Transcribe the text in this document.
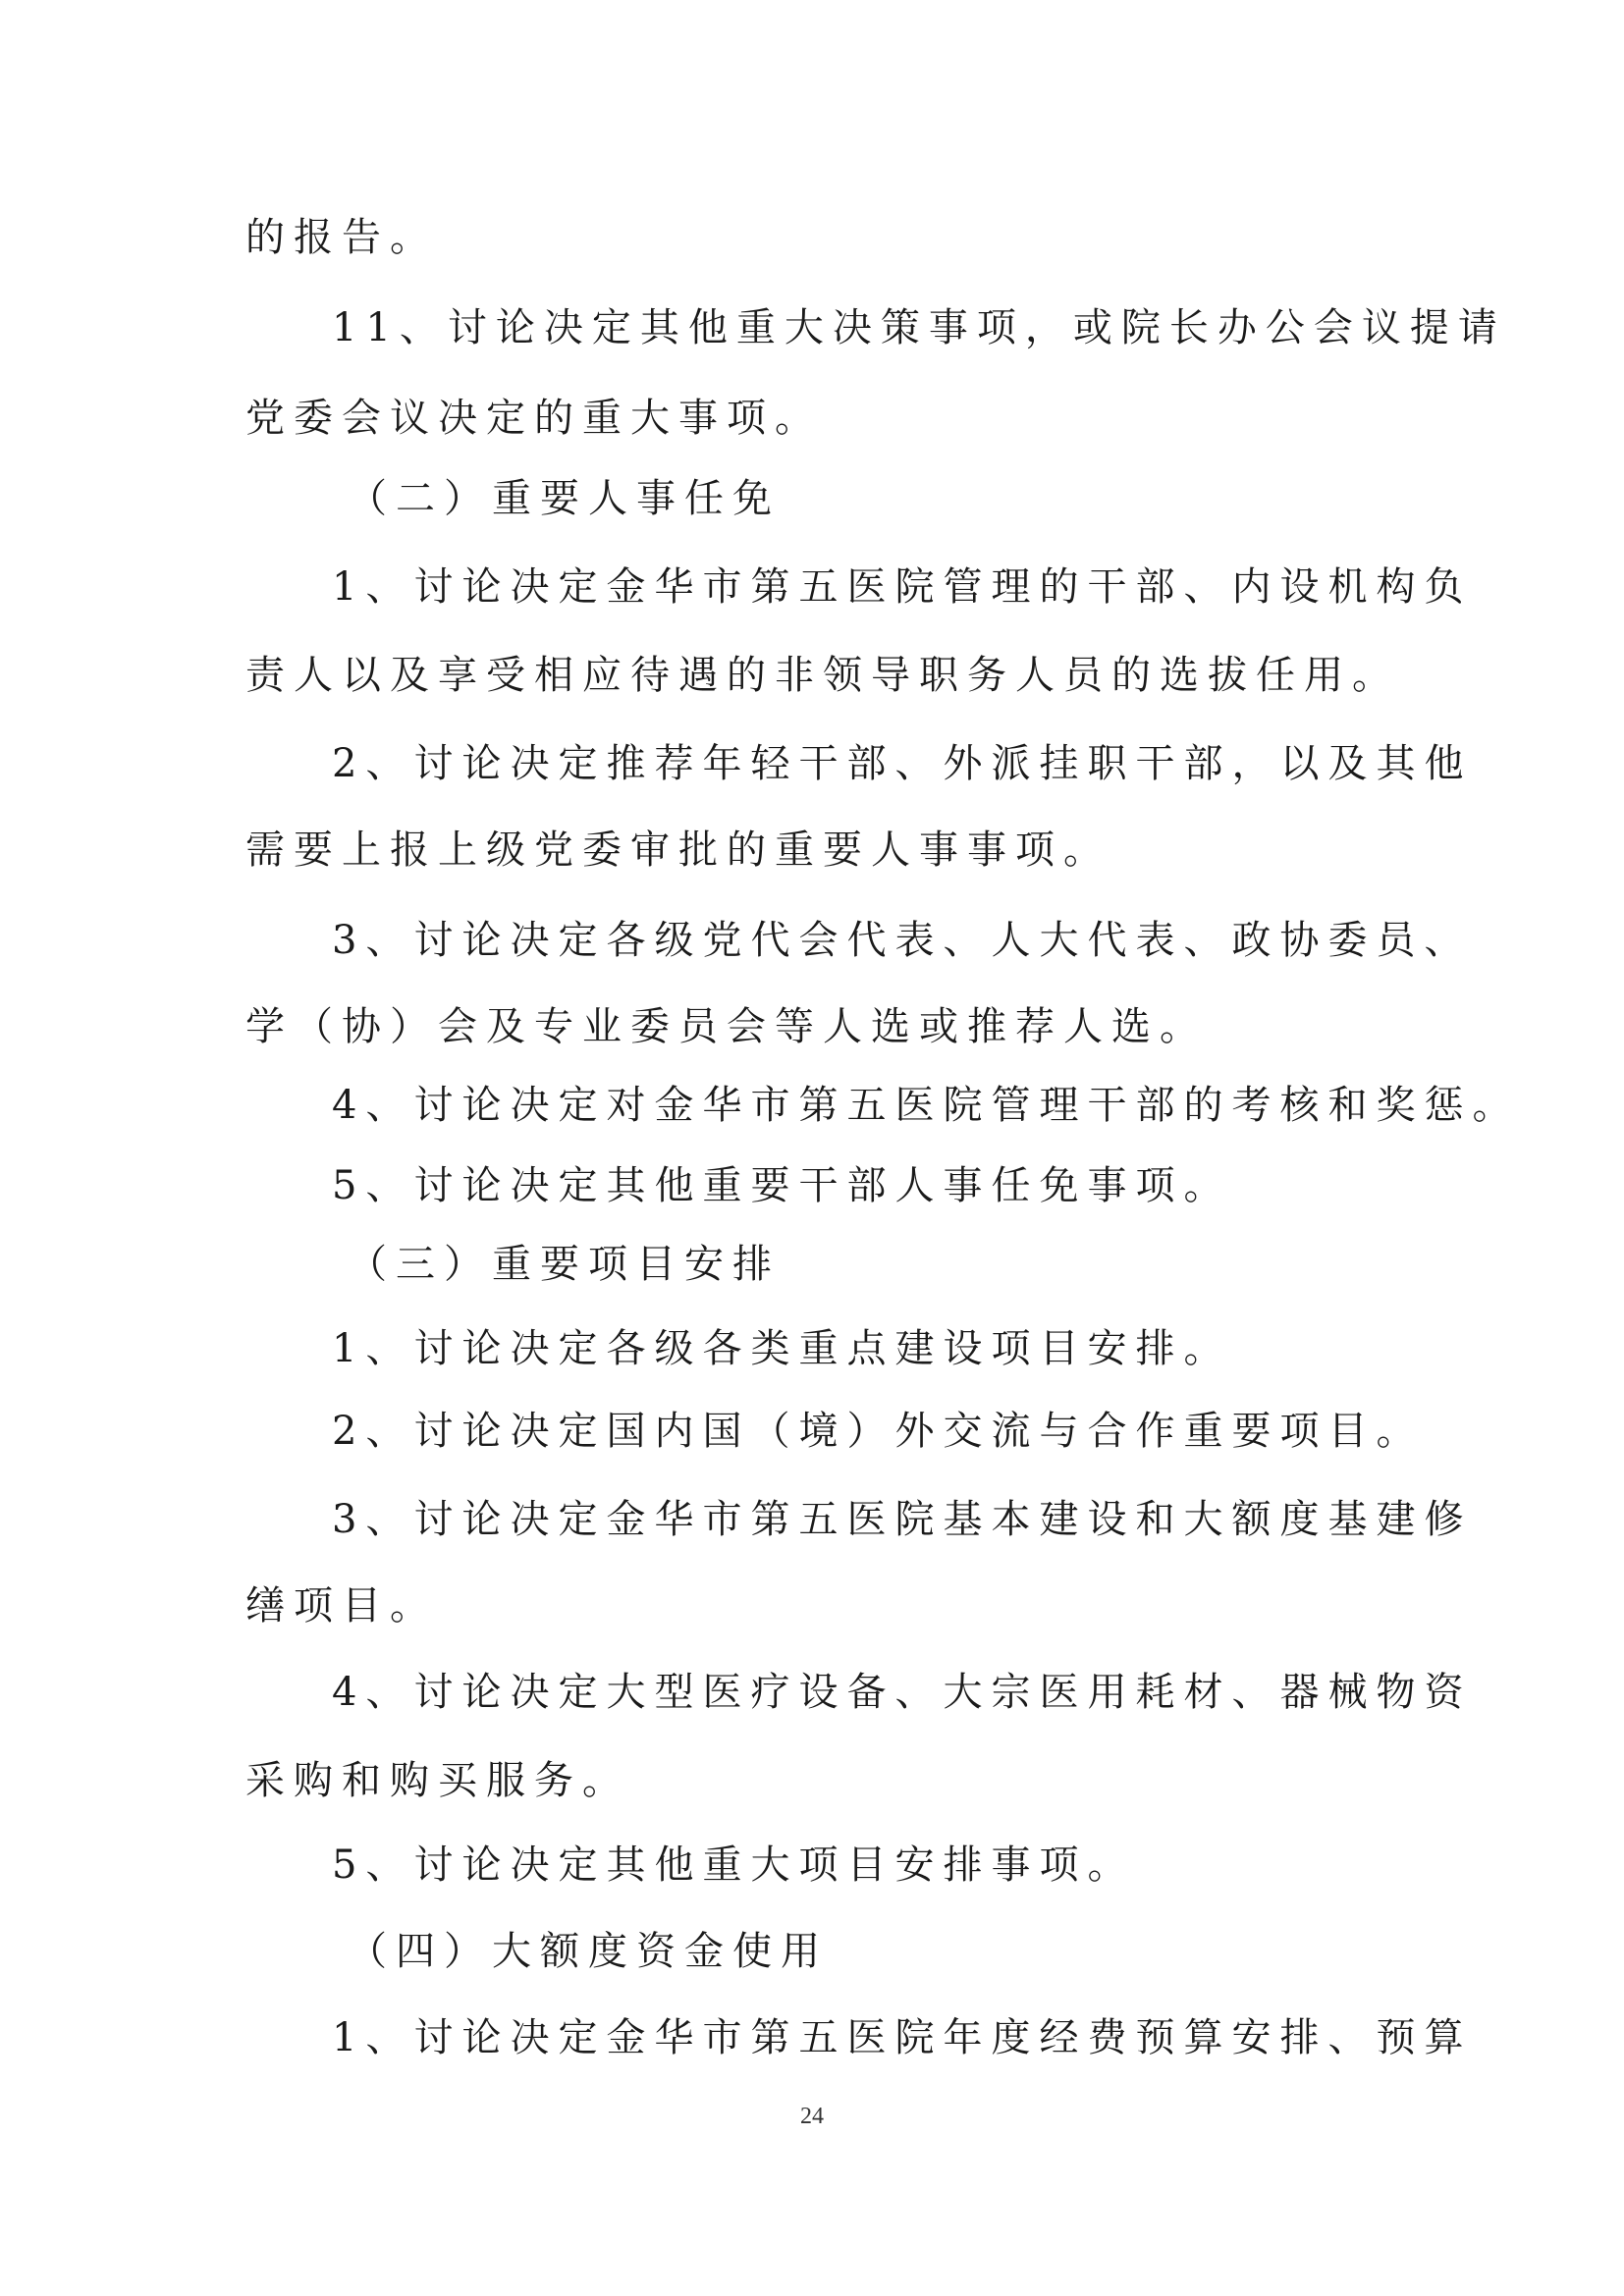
的报告。

11、讨论决定其他重大决策事项，或院长办公会议提请

党委会议决定的重大事项。

（二）重要人事任免

1、讨论决定金华市第五医院管理的干部、内设机构负

责人以及享受相应待遇的非领导职务人员的选拔任用。

2、讨论决定推荐年轻干部、外派挂职干部，以及其他

需要上报上级党委审批的重要人事事项。

3、讨论决定各级党代会代表、人大代表、政协委员、

学（协）会及专业委员会等人选或推荐人选。

4、讨论决定对金华市第五医院管理干部的考核和奖惩。

5、讨论决定其他重要干部人事任免事项。

（三）重要项目安排

1、讨论决定各级各类重点建设项目安排。

2、讨论决定国内国（境）外交流与合作重要项目。

3、讨论决定金华市第五医院基本建设和大额度基建修

缮项目。

4、讨论决定大型医疗设备、大宗医用耗材、器械物资

采购和购买服务。

5、讨论决定其他重大项目安排事项。

（四）大额度资金使用

1、讨论决定金华市第五医院年度经费预算安排、预算

24
